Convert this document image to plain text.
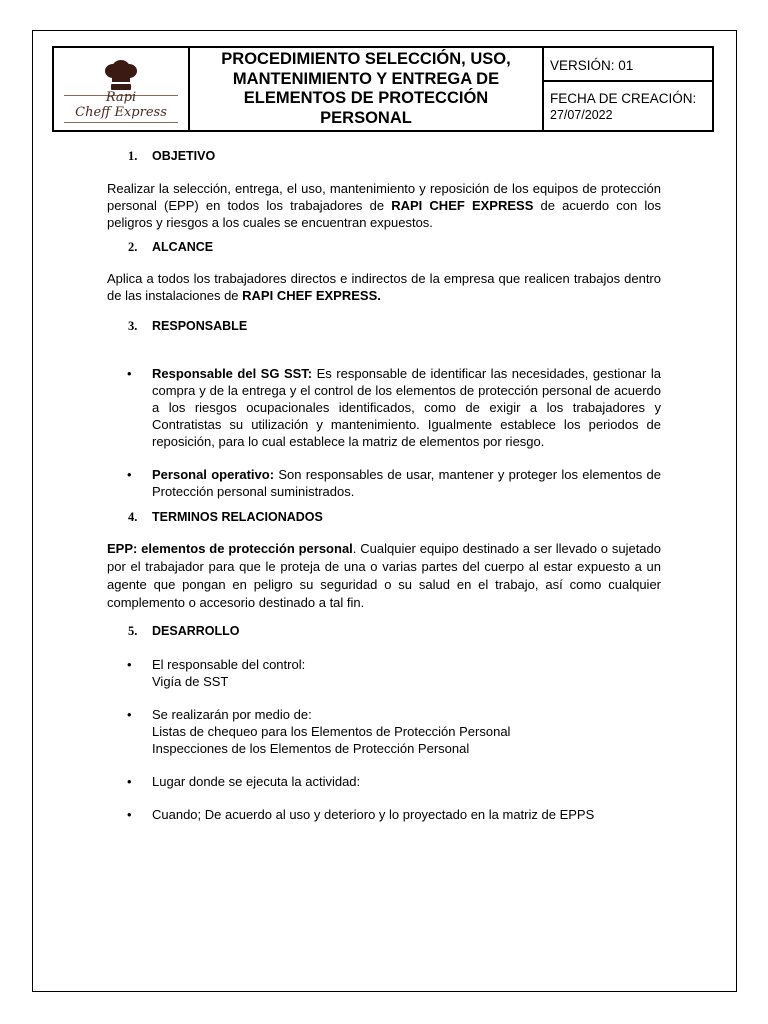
Rapi
Cheff Express
PROCEDIMIENTO SELECCIÓN, USO, MANTENIMIENTO Y ENTREGA DE ELEMENTOS DE PROTECCIÓN PERSONAL
VERSIÓN: 01
FECHA DE CREACIÓN:
27/07/2022
1.	OBJETIVO

Realizar la selección, entrega, el uso, mantenimiento y reposición de los equipos de protección personal (EPP) en todos los trabajadores de RAPI CHEF EXPRESS de acuerdo con los peligros y riesgos a los cuales se encuentran expuestos.

2.	ALCANCE

Aplica a todos los trabajadores directos e indirectos de la empresa que realicen trabajos dentro de las instalaciones de RAPI CHEF EXPRESS.

3.	RESPONSABLE
•	Responsable del SG SST: Es responsable de identificar las necesidades, gestionar la compra y de la entrega y el control de los elementos de protección personal de acuerdo a los riesgos ocupacionales identificados, como de exigir a los trabajadores y Contratistas su utilización y mantenimiento. Igualmente establece los periodos de reposición, para lo cual establece la matriz de elementos por riesgo.
•	Personal operativo: Son responsables de usar, mantener y proteger los elementos de Protección personal suministrados.
4.	TERMINOS RELACIONADOS

EPP: elementos de protección personal. Cualquier equipo destinado a ser llevado o sujetado por el trabajador para que le proteja de una o varias partes del cuerpo al estar expuesto a un agente que pongan en peligro su seguridad o su salud en el trabajo, así como cualquier complemento o accesorio destinado a tal fin.

5.	DESARROLLO
•	El responsable del control:
Vigía de SST
•	Se realizarán por medio de:
Listas de chequeo para los Elementos de Protección Personal
Inspecciones de los Elementos de Protección Personal
•	Lugar donde se ejecuta la actividad:
•	Cuando; De acuerdo al uso y deterioro y lo proyectado en la matriz de EPPS
